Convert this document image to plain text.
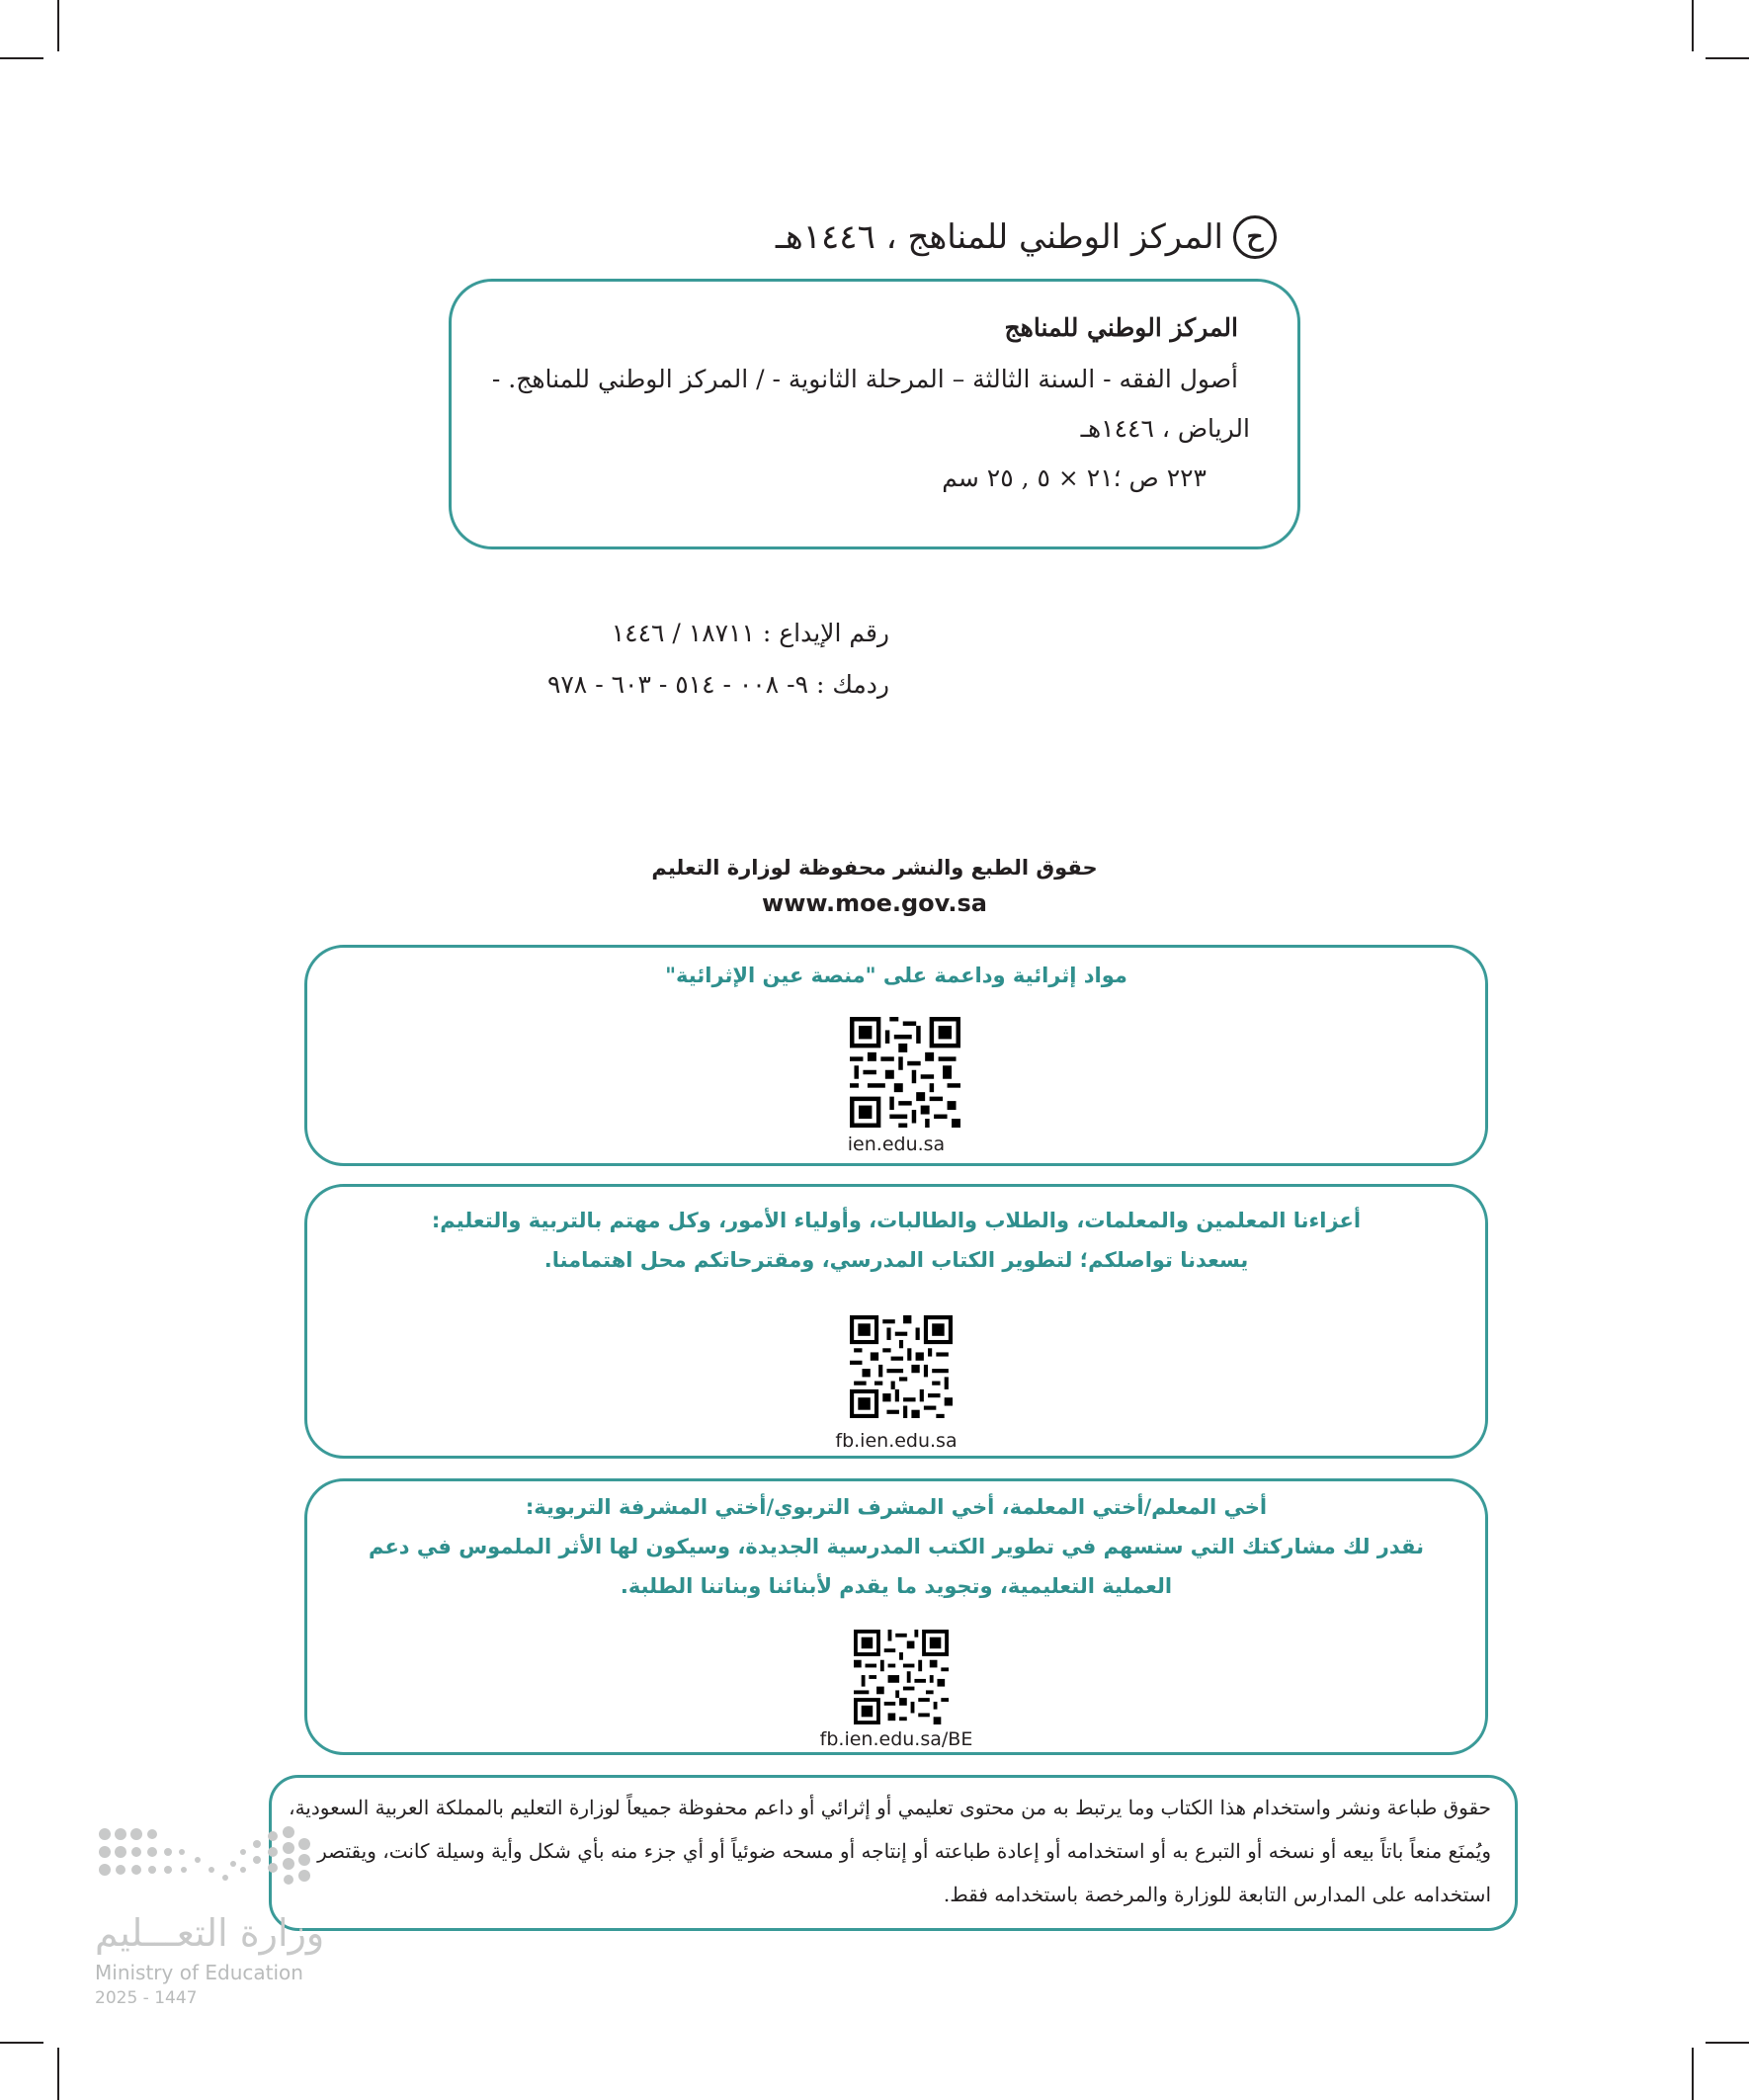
ح
المركز الوطني للمناهج ، ١٤٤٦هـ
المركز الوطني للمناهج
أصول الفقه - السنة الثالثة – المرحلة الثانوية - / المركز الوطني للمناهج. -
الرياض ، ١٤٤٦هـ
٢٢٣ ص ؛٢١ × ٥ , ٢٥ سم
رقم الإيداع : ١٨٧١١ / ١٤٤٦
ردمك : ٩- ٠٠٨ - ٥١٤ - ٦٠٣ - ٩٧٨
حقوق الطبع والنشر محفوظة لوزارة التعليم
www.moe.gov.sa
مواد إثرائية وداعمة على "منصة عين الإثرائية"
ien.edu.sa
أعزاءنا المعلمين والمعلمات، والطلاب والطالبات، وأولياء الأمور، وكل مهتم بالتربية والتعليم:
يسعدنا تواصلكم؛ لتطوير الكتاب المدرسي، ومقترحاتكم محل اهتمامنا.
fb.ien.edu.sa
أخي المعلم/أختي المعلمة، أخي المشرف التربوي/أختي المشرفة التربوية:
نقدر لك مشاركتك التي ستسهم في تطوير الكتب المدرسية الجديدة، وسيكون لها الأثر الملموس في دعم
العملية التعليمية، وتجويد ما يقدم لأبنائنا وبناتنا الطلبة.
fb.ien.edu.sa/BE
حقوق طباعة ونشر واستخدام هذا الكتاب وما يرتبط به من محتوى تعليمي أو إثرائي أو داعم محفوظة جميعاً لوزارة التعليم بالمملكة العربية السعودية،
ويُمنَع منعاً باتاً بيعه أو نسخه أو التبرع به أو استخدامه أو إعادة طباعته أو إنتاجه أو مسحه ضوئياً أو أي جزء منه بأي شكل وأية وسيلة كانت، ويقتصر
استخدامه على المدارس التابعة للوزارة والمرخصة باستخدامه فقط.
وزارة التعـــليم
Ministry of Education
2025 - 1447
